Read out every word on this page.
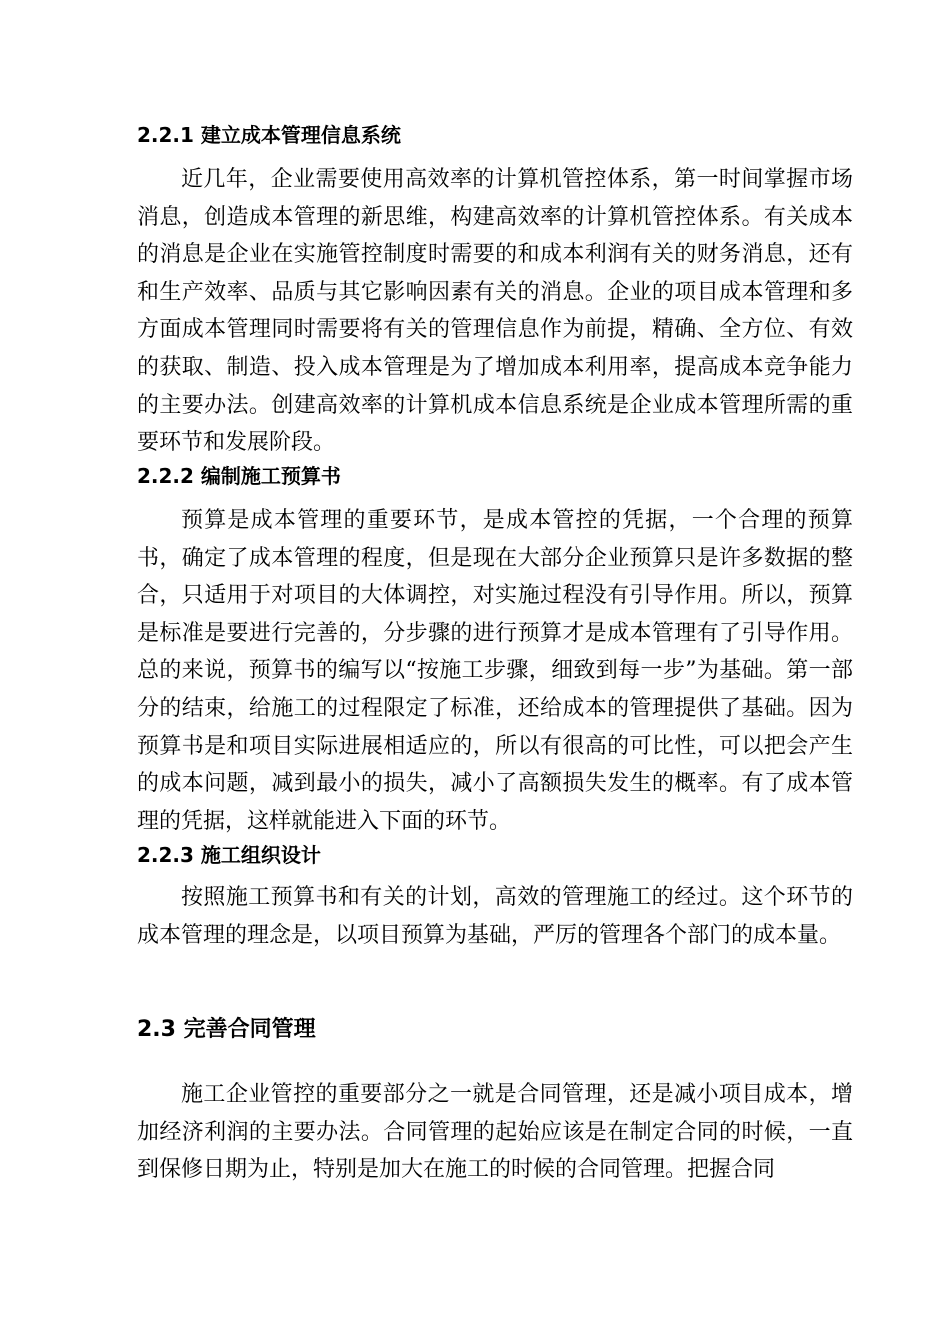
2.2.1 建立成本管理信息系统

近几年，企业需要使用高效率的计算机管控体系，第一时间掌握市场消息，创造成本管理的新思维，构建高效率的计算机管控体系。有关成本的消息是企业在实施管控制度时需要的和成本利润有关的财务消息，还有和生产效率、品质与其它影响因素有关的消息。企业的项目成本管理和多方面成本管理同时需要将有关的管理信息作为前提，精确、全方位、有效的获取、制造、投入成本管理是为了增加成本利用率，提高成本竞争能力的主要办法。创建高效率的计算机成本信息系统是企业成本管理所需的重要环节和发展阶段。

2.2.2 编制施工预算书

预算是成本管理的重要环节，是成本管控的凭据，一个合理的预算书，确定了成本管理的程度，但是现在大部分企业预算只是许多数据的整合，只适用于对项目的大体调控，对实施过程没有引导作用。所以，预算是标准是要进行完善的，分步骤的进行预算才是成本管理有了引导作用。总的来说，预算书的编写以“按施工步骤，细致到每一步”为基础。第一部分的结束，给施工的过程限定了标准，还给成本的管理提供了基础。因为预算书是和项目实际进展相适应的，所以有很高的可比性，可以把会产生的成本问题，减到最小的损失，减小了高额损失发生的概率。有了成本管理的凭据，这样就能进入下面的环节。

2.2.3 施工组织设计

按照施工预算书和有关的计划，高效的管理施工的经过。这个环节的成本管理的理念是，以项目预算为基础，严厉的管理各个部门的成本量。

2.3 完善合同管理

施工企业管控的重要部分之一就是合同管理，还是减小项目成本，增加经济利润的主要办法。合同管理的起始应该是在制定合同的时候，一直到保修日期为止，特别是加大在施工的时候的合同管理。把握合同
